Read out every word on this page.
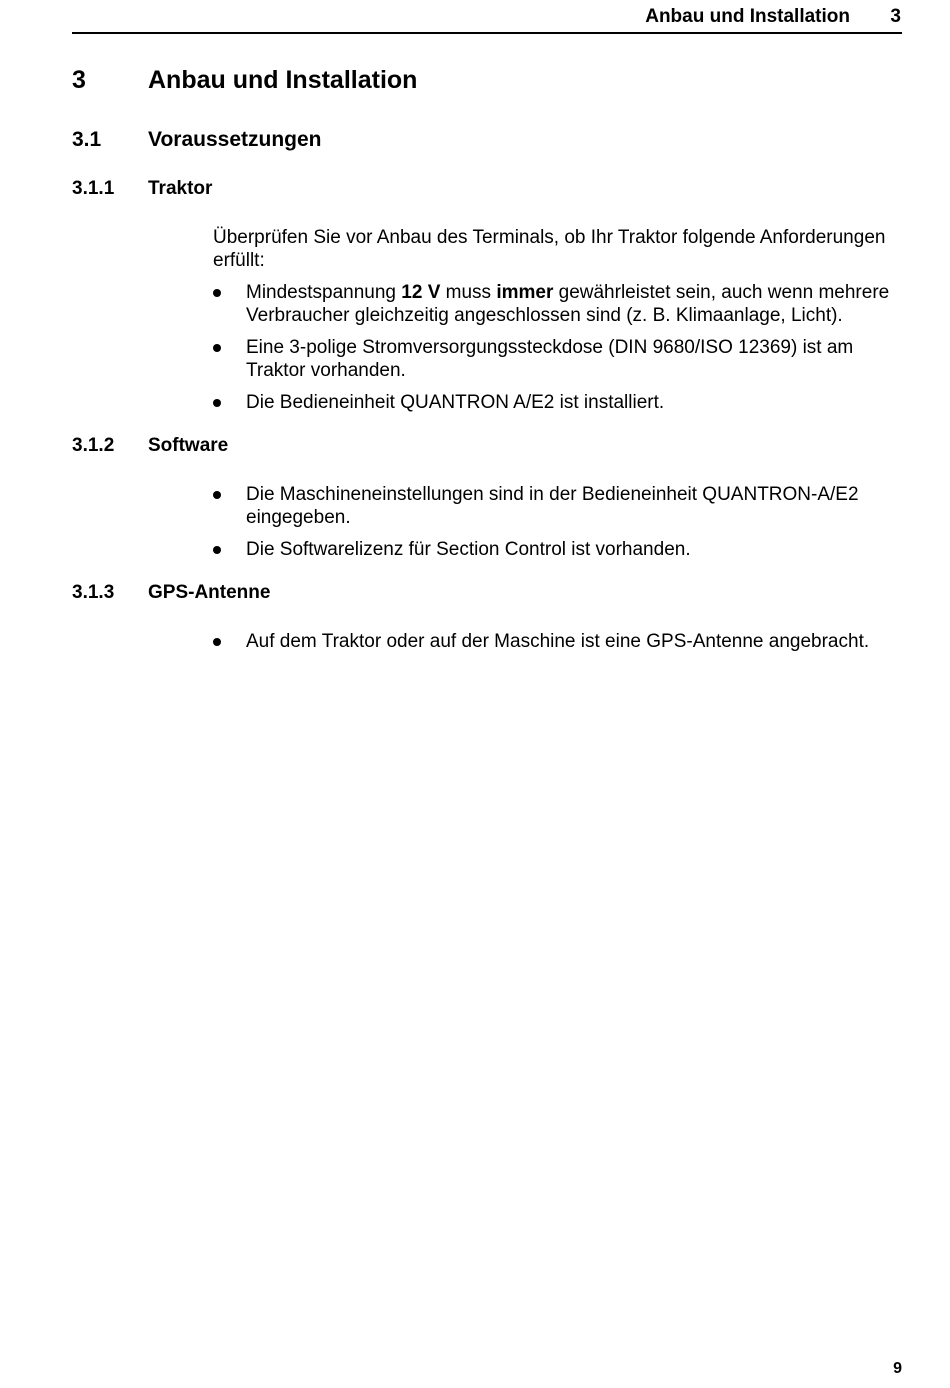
Anbau und Installation 3
3 Anbau und Installation
3.1 Voraussetzungen
3.1.1 Traktor
Überprüfen Sie vor Anbau des Terminals, ob Ihr Traktor folgende Anforderungen erfüllt:
Mindestspannung 12 V muss immer gewährleistet sein, auch wenn mehrere Verbraucher gleichzeitig angeschlossen sind (z. B. Klimaanlage, Licht).
Eine 3-polige Stromversorgungssteckdose (DIN 9680/ISO 12369) ist am Traktor vorhanden.
Die Bedieneinheit QUANTRON A/E2 ist installiert.
3.1.2 Software
Die Maschineneinstellungen sind in der Bedieneinheit QUANTRON-A/E2 eingegeben.
Die Softwarelizenz für Section Control ist vorhanden.
3.1.3 GPS-Antenne
Auf dem Traktor oder auf der Maschine ist eine GPS-Antenne angebracht.
9
